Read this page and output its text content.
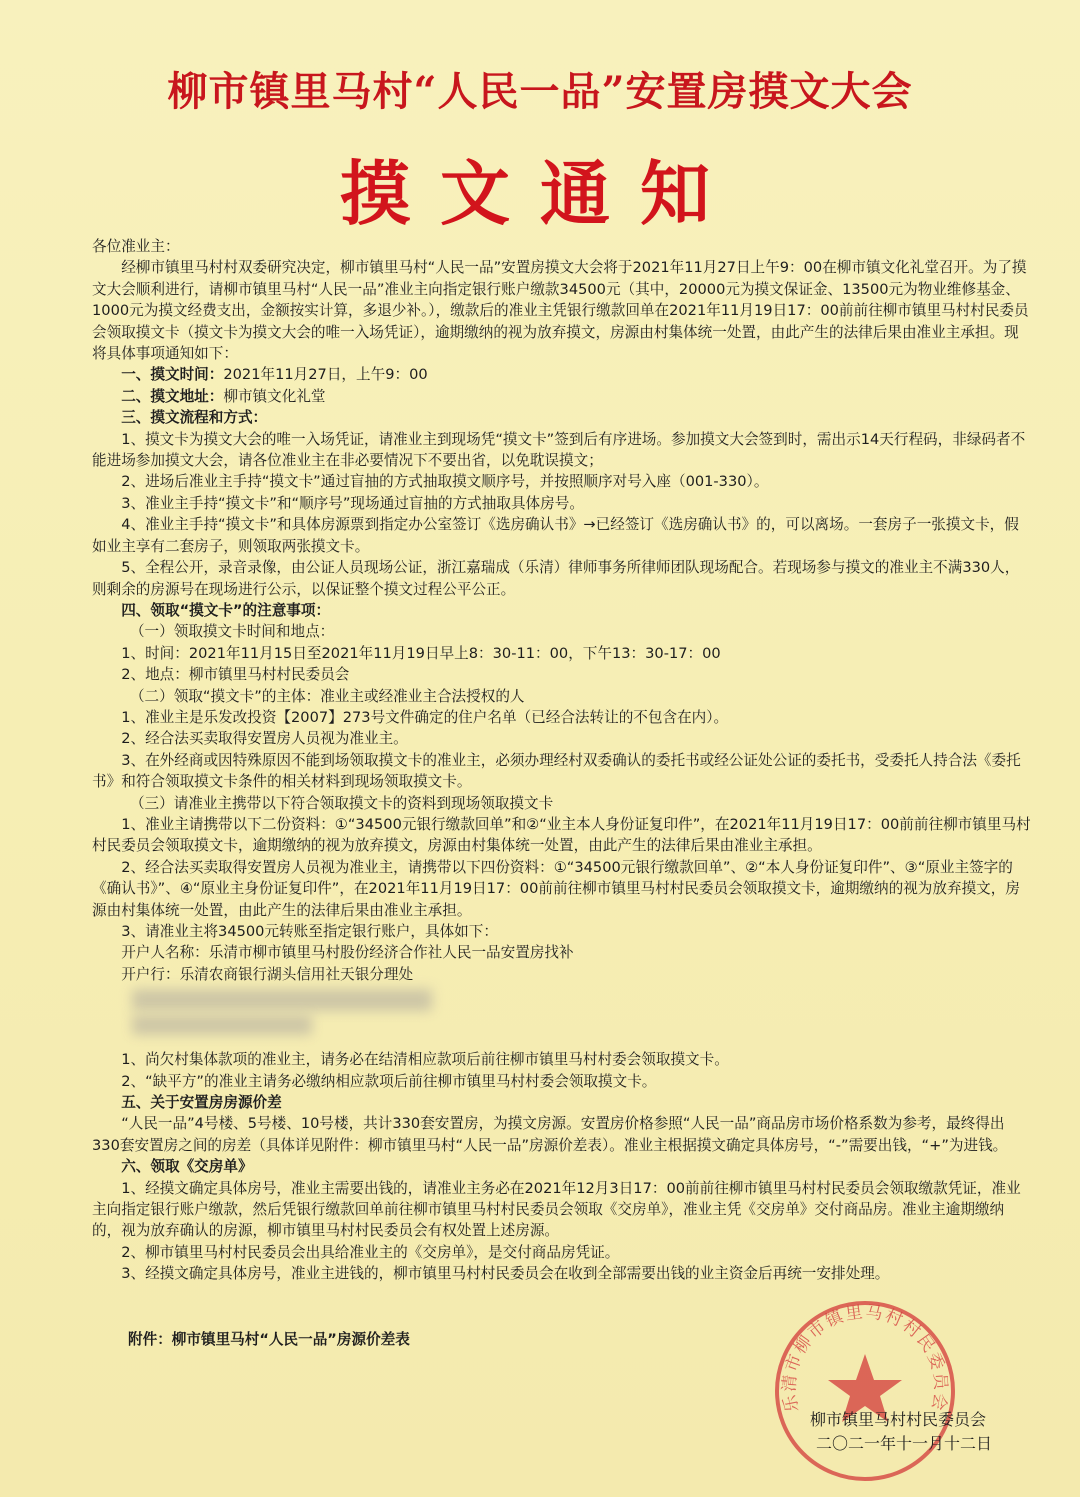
柳市镇里马村“人民一品”安置房摸文大会
摸文通知

各位准业主：

经柳市镇里马村村双委研究决定，柳市镇里马村“人民一品”安置房摸文大会将于2021年11月27日上午9：00在柳市镇文化礼堂召开。为了摸文大会顺利进行，请柳市镇里马村“人民一品”准业主向指定银行账户缴款34500元（其中，20000元为摸文保证金、13500元为物业维修基金、1000元为摸文经费支出，金额按实计算，多退少补。），缴款后的准业主凭银行缴款回单在2021年11月19日17：00前前往柳市镇里马村村民委员会领取摸文卡（摸文卡为摸文大会的唯一入场凭证），逾期缴纳的视为放弃摸文，房源由村集体统一处置，由此产生的法律后果由准业主承担。现将具体事项通知如下：

一、摸文时间：2021年11月27日，上午9：00

二、摸文地址：柳市镇文化礼堂

三、摸文流程和方式：

1、摸文卡为摸文大会的唯一入场凭证，请准业主到现场凭“摸文卡”签到后有序进场。参加摸文大会签到时，需出示14天行程码，非绿码者不能进场参加摸文大会，请各位准业主在非必要情况下不要出省，以免耽误摸文；

2、进场后准业主手持“摸文卡”通过盲抽的方式抽取摸文顺序号，并按照顺序对号入座（001-330）。

3、准业主手持“摸文卡”和“顺序号”现场通过盲抽的方式抽取具体房号。

4、准业主手持“摸文卡”和具体房源票到指定办公室签订《选房确认书》→已经签订《选房确认书》的，可以离场。一套房子一张摸文卡，假如业主享有二套房子，则领取两张摸文卡。

5、全程公开，录音录像，由公证人员现场公证，浙江嘉瑞成（乐清）律师事务所律师团队现场配合。若现场参与摸文的准业主不满330人，则剩余的房源号在现场进行公示，以保证整个摸文过程公平公正。

四、领取“摸文卡”的注意事项：

（一）领取摸文卡时间和地点：

1、时间：2021年11月15日至2021年11月19日早上8：30-11：00，下午13：30-17：00

2、地点：柳市镇里马村村民委员会

（二）领取“摸文卡”的主体：准业主或经准业主合法授权的人

1、准业主是乐发改投资【2007】273号文件确定的住户名单（已经合法转让的不包含在内）。

2、经合法买卖取得安置房人员视为准业主。

3、在外经商或因特殊原因不能到场领取摸文卡的准业主，必须办理经村双委确认的委托书或经公证处公证的委托书，受委托人持合法《委托书》和符合领取摸文卡条件的相关材料到现场领取摸文卡。

（三）请准业主携带以下符合领取摸文卡的资料到现场领取摸文卡

1、准业主请携带以下二份资料：①“34500元银行缴款回单”和②“业主本人身份证复印件”，在2021年11月19日17：00前前往柳市镇里马村村民委员会领取摸文卡，逾期缴纳的视为放弃摸文，房源由村集体统一处置，由此产生的法律后果由准业主承担。

2、经合法买卖取得安置房人员视为准业主，请携带以下四份资料：①“34500元银行缴款回单”、②“本人身份证复印件”、③“原业主签字的《确认书》”、④“原业主身份证复印件”，在2021年11月19日17：00前前往柳市镇里马村村民委员会领取摸文卡，逾期缴纳的视为放弃摸文，房源由村集体统一处置，由此产生的法律后果由准业主承担。

3、请准业主将34500元转账至指定银行账户，具体如下：

开户人名称：乐清市柳市镇里马村股份经济合作社人民一品安置房找补

开户行：乐清农商银行湖头信用社天银分理处

1、尚欠村集体款项的准业主，请务必在结清相应款项后前往柳市镇里马村村委会领取摸文卡。

2、“缺平方”的准业主请务必缴纳相应款项后前往柳市镇里马村村委会领取摸文卡。

五、关于安置房房源价差

“人民一品”4号楼、5号楼、10号楼，共计330套安置房，为摸文房源。安置房价格参照“人民一品”商品房市场价格系数为参考，最终得出330套安置房之间的房差（具体详见附件：柳市镇里马村“人民一品”房源价差表）。准业主根据摸文确定具体房号，“-”需要出钱，“+”为进钱。

六、领取《交房单》

1、经摸文确定具体房号，准业主需要出钱的，请准业主务必在2021年12月3日17：00前前往柳市镇里马村村民委员会领取缴款凭证，准业主向指定银行账户缴款，然后凭银行缴款回单前往柳市镇里马村村民委员会领取《交房单》，准业主凭《交房单》交付商品房。准业主逾期缴纳的，视为放弃确认的房源，柳市镇里马村村民委员会有权处置上述房源。

2、柳市镇里马村村民委员会出具给准业主的《交房单》，是交付商品房凭证。

3、经摸文确定具体房号，准业主进钱的，柳市镇里马村村民委员会在收到全部需要出钱的业主资金后再统一安排处理。

附件：柳市镇里马村“人民一品”房源价差表
乐清市柳市镇里马村村民委员会
柳市镇里马村村民委员会
二〇二一年十一月十二日
